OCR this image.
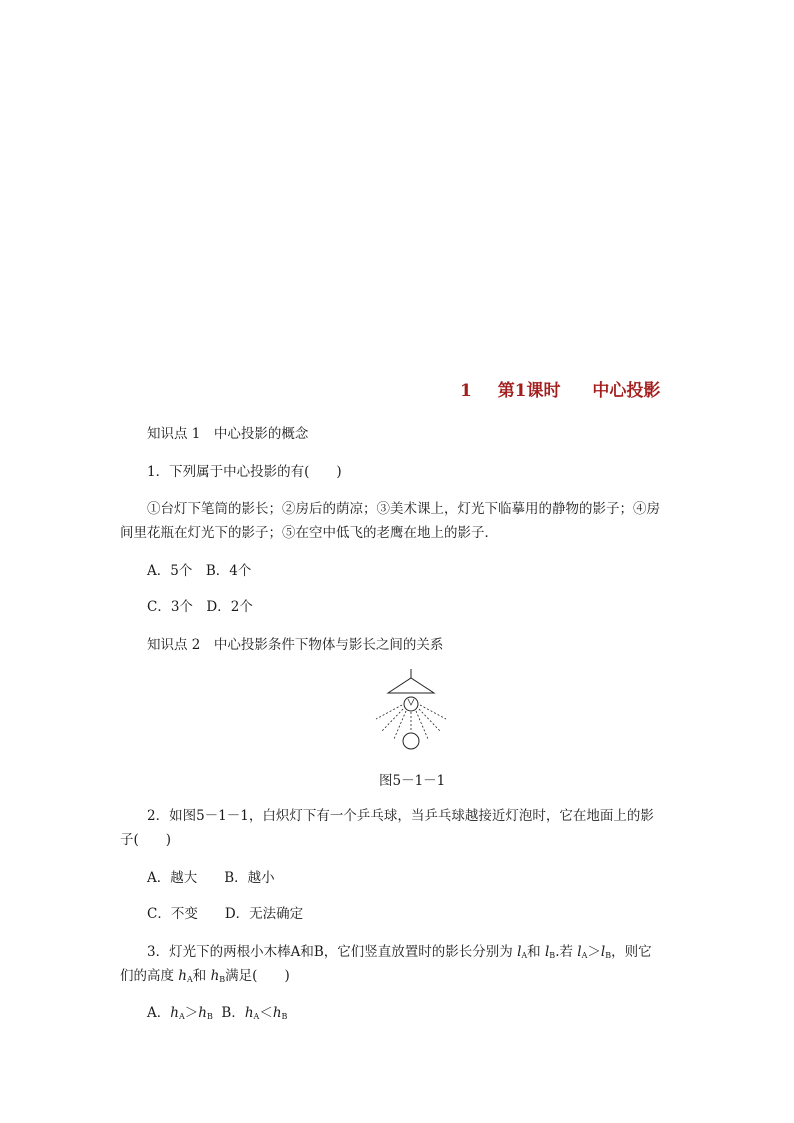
1 第1课时 中心投影
知识点 1　中心投影的概念
1．下列属于中心投影的有(　　)
①台灯下笔筒的影长；②房后的荫凉；③美术课上，灯光下临摹用的静物的影子；④房
间里花瓶在灯光下的影子；⑤在空中低飞的老鹰在地上的影子．
A．5个　B．4个
C．3个　D．2个
知识点 2　中心投影条件下物体与影长之间的关系
图5－1－1
2．如图5－1－1，白炽灯下有一个乒乓球，当乒乓球越接近灯泡时，它在地面上的影
子(　　)
A．越大　　B．越小
C．不变　　D．无法确定
3．灯光下的两根小木棒A和B，它们竖直放置时的影长分别为 $l_A$和 $l_B$.若 $l_A>l_B$，则它
们的高度 $h_A$和 $h_B$满足(　　)
A．$h_A>h_B$ B．$h_A<h_B$
